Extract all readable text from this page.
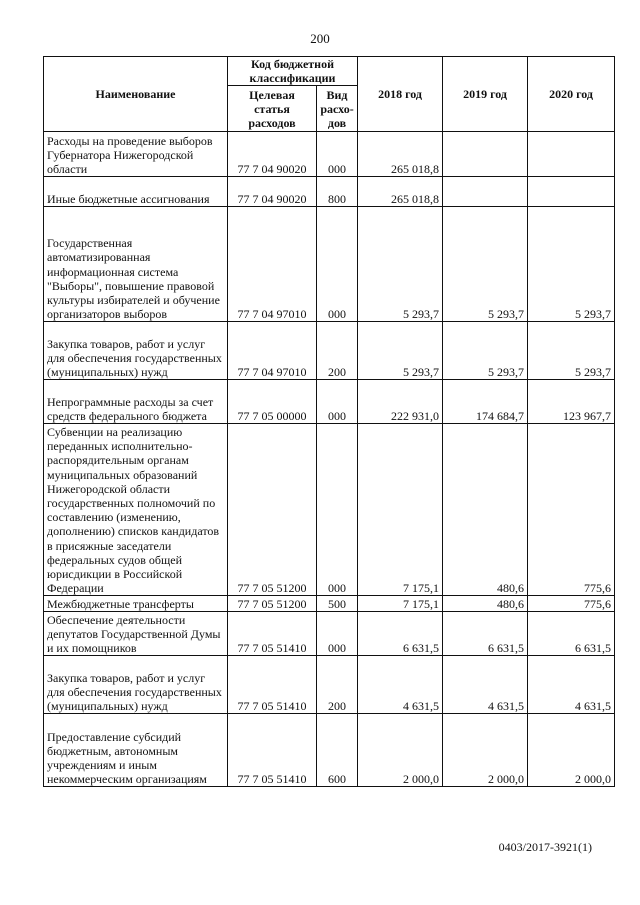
200
Наименование	Код бюджетной классификации		2018 год	2019 год	2020 год
	Целевая статья расходов	Вид расхо-дов			
Расходы на проведение выборов Губернатора Нижегородской области	77 7 04 90020	000	265 018,8		
Иные бюджетные ассигнования	77 7 04 90020	800	265 018,8		
Государственная автоматизированная информационная система "Выборы", повышение правовой культуры избирателей и обучение организаторов выборов	77 7 04 97010	000	5 293,7	5 293,7	5 293,7
Закупка товаров, работ и услуг для обеспечения государственных (муниципальных) нужд	77 7 04 97010	200	5 293,7	5 293,7	5 293,7
Непрограммные расходы за счет средств федерального бюджета	77 7 05 00000	000	222 931,0	174 684,7	123 967,7
Субвенции на реализацию переданных исполнительно-распорядительным органам муниципальных образований Нижегородской области государственных полномочий по составлению (изменению, дополнению) списков кандидатов в присяжные заседатели федеральных судов общей юрисдикции в Российской Федерации	77 7 05 51200	000	7 175,1	480,6	775,6
Межбюджетные трансферты	77 7 05 51200	500	7 175,1	480,6	775,6
Обеспечение деятельности депутатов Государственной Думы и их помощников	77 7 05 51410	000	6 631,5	6 631,5	6 631,5
Закупка товаров, работ и услуг для обеспечения государственных (муниципальных) нужд	77 7 05 51410	200	4 631,5	4 631,5	4 631,5
Предоставление субсидий бюджетным, автономным учреждениям и иным некоммерческим организациям	77 7 05 51410	600	2 000,0	2 000,0	2 000,0
0403/2017-3921(1)
